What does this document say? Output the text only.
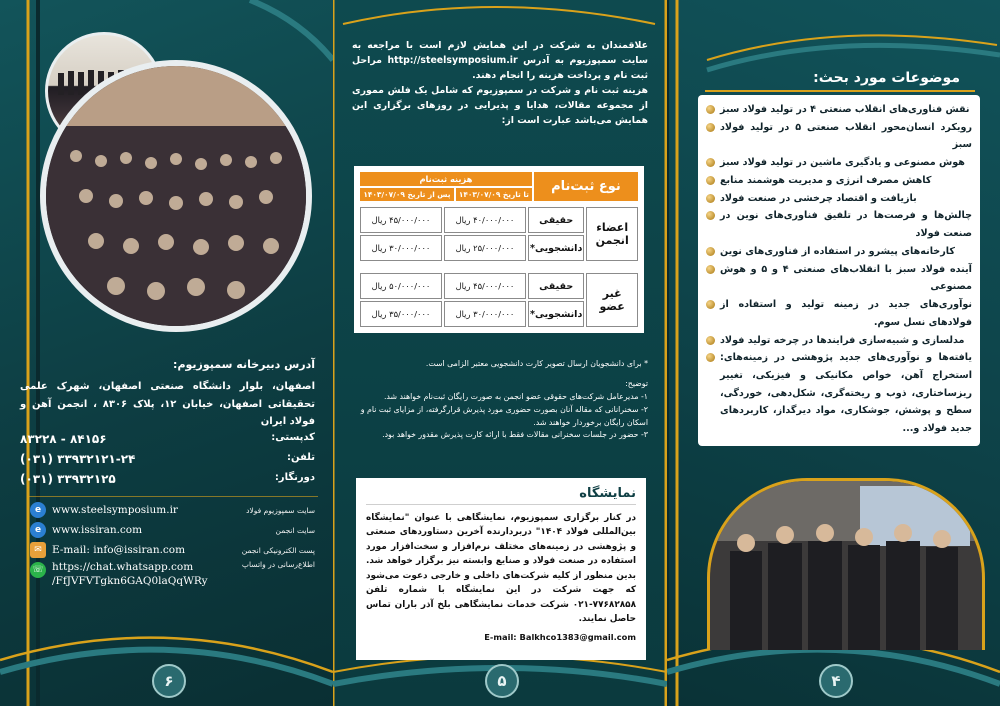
آدرس دبیرخانه سمپوزیوم:
اصفهان، بلوار دانشگاه صنعتی اصفهان، شهرک علمی تحقیقاتی اصفهان، خیابان ۱۲، پلاک ۸۳۰۶ ، انجمن آهن و فولاد ایران
۸۳۲۲۸ - ۸۴۱۵۶	کدپستی:
(۰۳۱) ۳۳۹۳۲۱۲۱-۲۴	تلفن:
(۰۳۱) ۳۳۹۳۲۱۲۵	دورنگار:
e	www.steelsymposium.ir	سایت سمپوزیوم فولاد
e	www.issiran.com	سایت انجمن
✉ E-mail: info@issiran.com	پست الکترونیکی انجمن
☏ https://chat.whatsapp.com
/FfJVFVTgkn6GAQ0laQqWRy
اطلاع‌رسانی در واتساپ
۶	۵
علاقمندان به شرکت در این همایش لازم است با مراجعه به سایت سمپوزیوم به آدرس http://steelsymposium.ir مراحل ثبت نام و پرداخت هزینه را انجام دهند.
هزینه ثبت نام و شرکت در سمپوزیوم که شامل یک فلش مموری از مجموعه مقالات، هدایا و پذیرایی در روزهای برگزاری این همایش می‌باشد عبارت است از:
نوع ثبت‌نام	هزینه ثبت‌نام	
	تا تاریخ ۱۴۰۳/۰۷/۰۹	پس از تاریخ ۱۴۰۳/۰۷/۰۹
اعضاء انجمن	حقیقی	۴۰/۰۰۰/۰۰۰ ریال	۴۵/۰۰۰/۰۰۰ ریال
	دانشجویی*	۲۵/۰۰۰/۰۰۰ ریال	۳۰/۰۰۰/۰۰۰ ریال
غیر عضو	حقیقی	۴۵/۰۰۰/۰۰۰ ریال	۵۰/۰۰۰/۰۰۰ ریال
	دانشجویی*	۳۰/۰۰۰/۰۰۰ ریال	۳۵/۰۰۰/۰۰۰ ریال
* برای دانشجویان ارسال تصویر کارت دانشجویی معتبر الزامی است.
توضیح:
۱- مدیرعامل شرکت‌های حقوقی عضو انجمن به صورت رایگان ثبت‌نام خواهند شد.
۲- سخنرانانی که مقاله آنان بصورت حضوری مورد پذیرش قرارگرفته، از مزایای ثبت نام و اسکان رایگان برخوردار خواهند شد.
۳- حضور در جلسات سخنرانی مقالات فقط با ارائه کارت پذیرش مقدور خواهد بود.
نمایشگاه
در کنار برگزاری سمپوزیوم، نمایشگاهی با عنوان "نمایشگاه بین‌المللی فولاد ۱۴۰۴" دربردارنده آخرین دستاوردهای صنعتی و پژوهشی در زمینه‌های مختلف نرم‌افزار و سخت‌افزار مورد استفاده در صنعت فولاد و صنایع وابسته نیز برگزار خواهد شد. بدین منظور از کلیه شرکت‌های داخلی و خارجی دعوت می‌شود که جهت شرکت در این نمایشگاه با شماره تلفن ۷۷۶۸۲۸۵۸-۰۲۱ شرکت خدمات نمایشگاهی بلخ آذر باران تماس حاصل نمایند.
E-mail: Balkhco1383@gmail.com
۴
موضوعات مورد بحث:
نقش فناوری‌های انقلاب صنعتی ۴ در تولید فولاد سبز
رویکرد انسان‌محور انقلاب صنعتی ۵ در تولید فولاد سبز
هوش مصنوعی و یادگیری ماشین در تولید فولاد سبز
کاهش مصرف انرژی و مدیریت هوشمند منابع
بازیافت و اقتصاد چرخشی در صنعت فولاد
چالش‌ها و فرصت‌ها در تلفیق فناوری‌های نوین در صنعت فولاد
کارخانه‌های پیشرو در استفاده از فناوری‌های نوین
آینده فولاد سبز با انقلاب‌های صنعتی ۴ و ۵ و هوش مصنوعی
نوآوری‌های جدید در زمینه تولید و استفاده از فولادهای نسل سوم.
مدلسازی و شبیه‌سازی فرایندها در چرخه تولید فولاد
یافته‌ها و نوآوری‌های جدید پژوهشی در زمینه‌های: استخراج آهن، خواص مکانیکی و فیزیکی، تغییر ریزساختاری، ذوب و ریخته‌گری، شکل‌دهی، خوردگی، سطح و پوشش، جوشکاری، مواد دیرگداز، کاربردهای جدید فولاد و...
